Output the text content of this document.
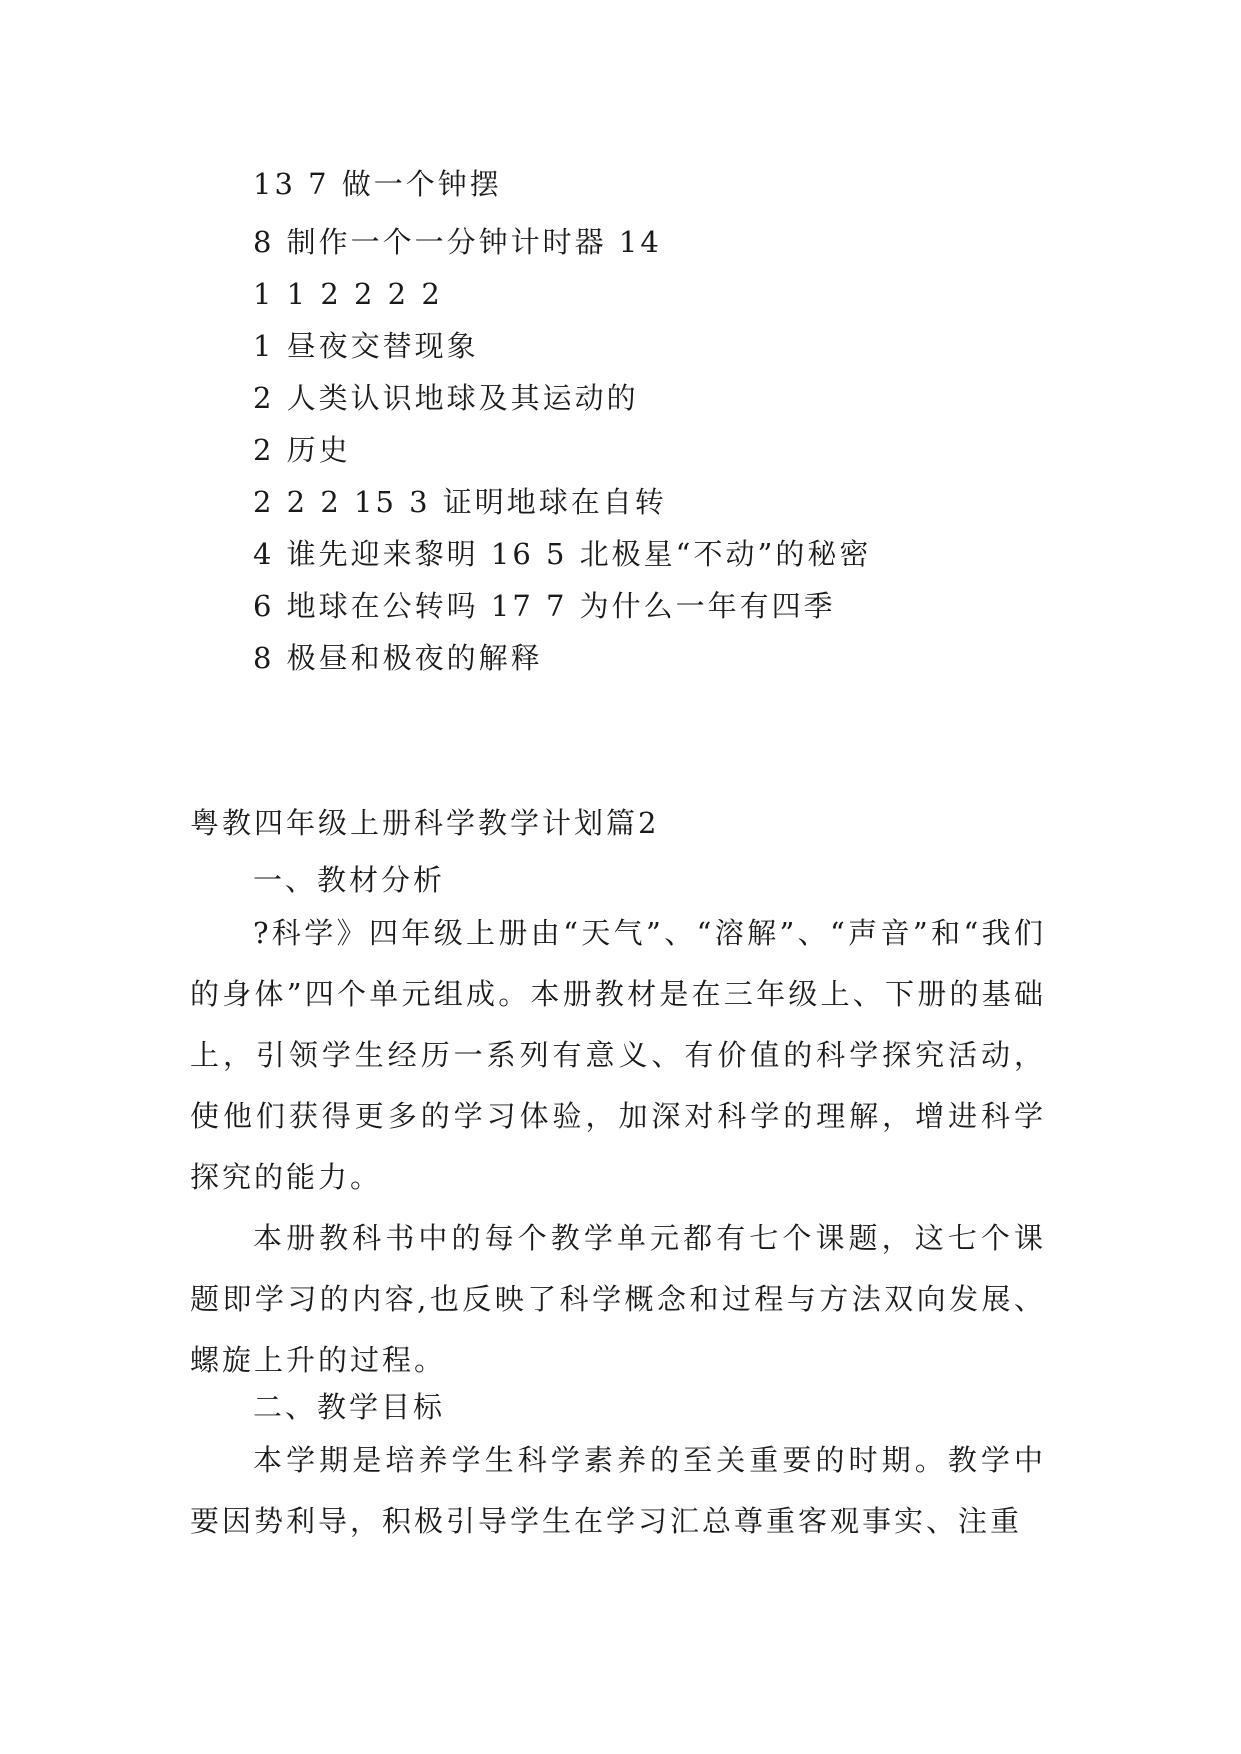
13 7 做一个钟摆
8 制作一个一分钟计时器 14
1 1 2 2 2 2
1 昼夜交替现象
2 人类认识地球及其运动的
2 历史
2 2 2 15 3 证明地球在自转
4 谁先迎来黎明 16 5 北极星“不动”的秘密
6 地球在公转吗 17 7 为什么一年有四季
8 极昼和极夜的解释
粤教四年级上册科学教学计划篇2
一、教材分析

?科学》四年级上册由“天气”、“溶解”、“声音”和“我们的身体”四个单元组成。本册教材是在三年级上、下册的基础上，引领学生经历一系列有意义、有价值的科学探究活动，使他们获得更多的学习体验，加深对科学的理解，增进科学探究的能力。

本册教科书中的每个教学单元都有七个课题，这七个课题即学习的内容,也反映了科学概念和过程与方法双向发展、螺旋上升的过程。

二、教学目标

本学期是培养学生科学素养的至关重要的时期。教学中要因势利导，积极引导学生在学习汇总尊重客观事实、注重
